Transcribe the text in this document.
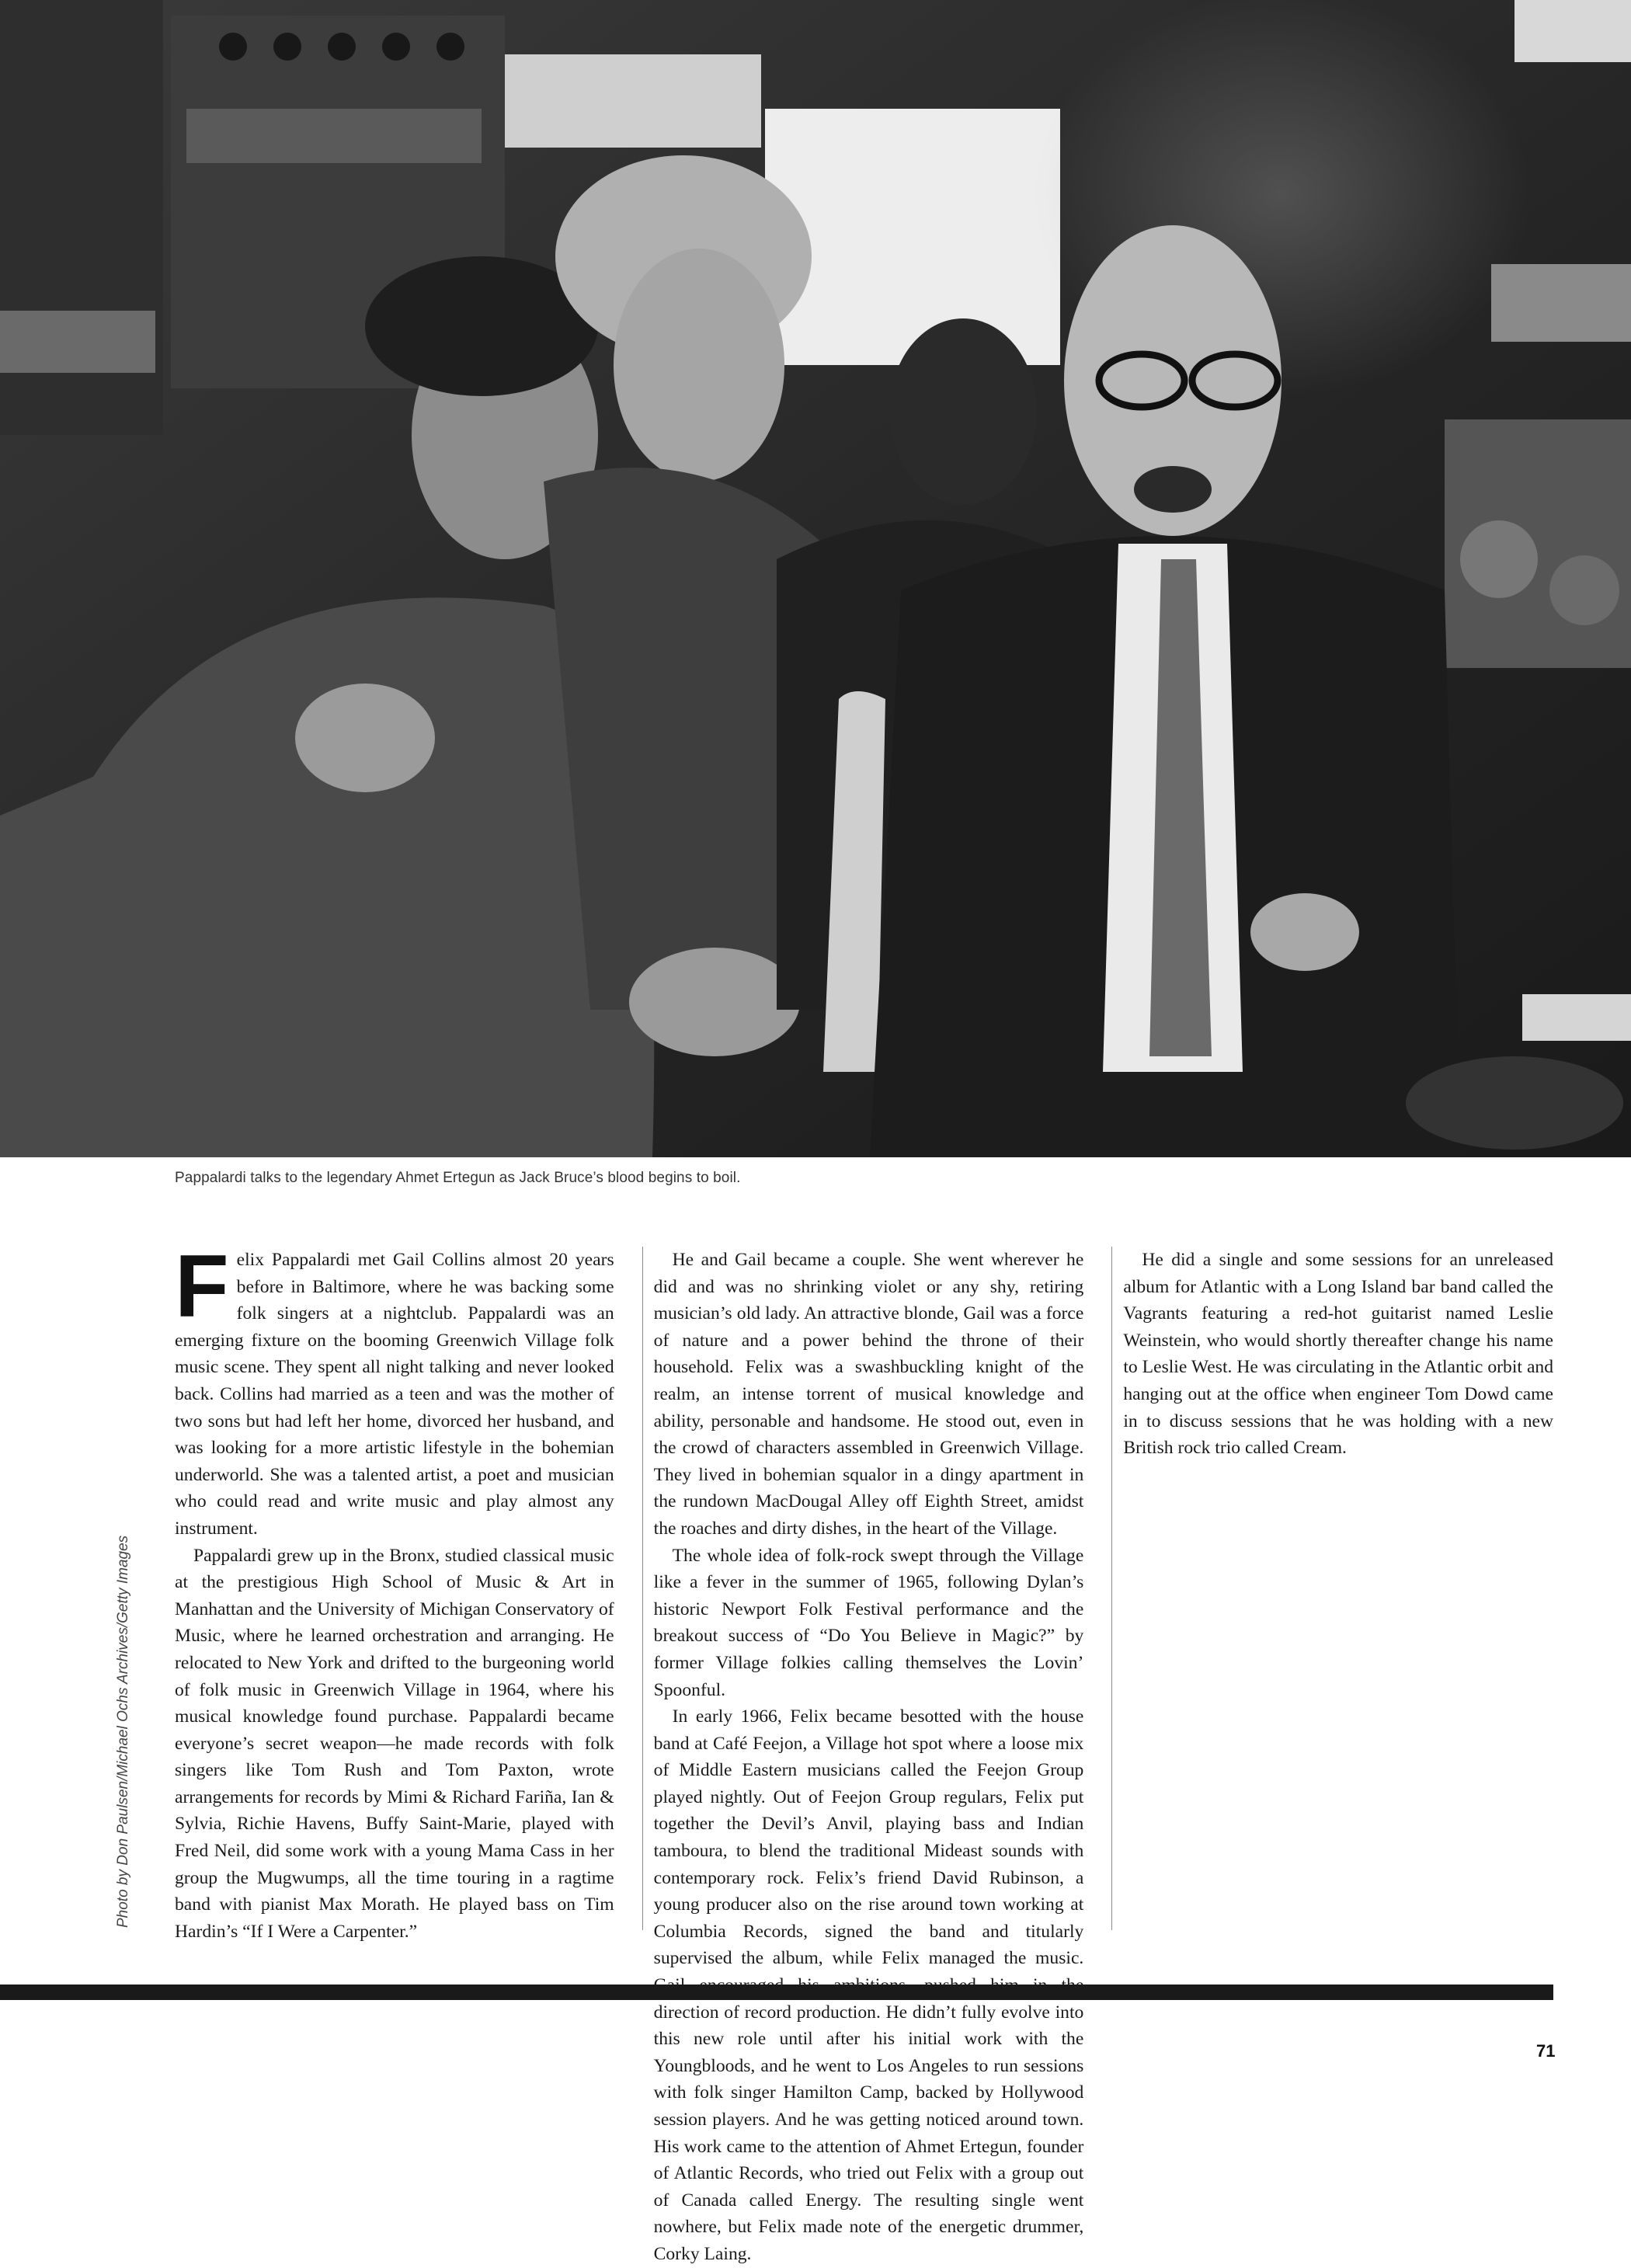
Pappalardi talks to the legendary Ahmet Ertegun as Jack Bruce’s blood begins to boil.
Photo by Don Paulsen/Michael Ochs Archives/Getty Images

Felix Pappalardi met Gail Collins almost 20 years before in Baltimore, where he was backing some folk singers at a nightclub. Pappalardi was an emerging fixture on the booming Greenwich Village folk music scene. They spent all night talking and never looked back. Collins had married as a teen and was the mother of two sons but had left her home, divorced her husband, and was looking for a more artistic lifestyle in the bohemian underworld. She was a talented artist, a poet and musician who could read and write music and play almost any instrument.

Pappalardi grew up in the Bronx, studied classical music at the prestigious High School of Music & Art in Manhattan and the University of Michigan Conservatory of Music, where he learned orchestration and arranging. He relocated to New York and drifted to the burgeoning world of folk music in Greenwich Village in 1964, where his musical knowledge found purchase. Pappalardi became everyone’s secret weapon—he made records with folk singers like Tom Rush and Tom Paxton, wrote arrangements for records by Mimi & Richard Fariña, Ian & Sylvia, Richie Havens, Buffy Saint-Marie, played with Fred Neil, did some work with a young Mama Cass in her group the Mugwumps, all the time touring in a ragtime band with pianist Max Morath. He played bass on Tim Hardin’s “If I Were a Carpenter.”

He and Gail became a couple. She went wherever he did and was no shrinking violet or any shy, retiring musician’s old lady. An attractive blonde, Gail was a force of nature and a power behind the throne of their household. Felix was a swashbuckling knight of the realm, an intense torrent of musical knowledge and ability, personable and handsome. He stood out, even in the crowd of characters assembled in Greenwich Village. They lived in bohemian squalor in a dingy apartment in the rundown MacDougal Alley off Eighth Street, amidst the roaches and dirty dishes, in the heart of the Village.

The whole idea of folk-rock swept through the Village like a fever in the summer of 1965, following Dylan’s historic Newport Folk Festival performance and the breakout success of “Do You Believe in Magic?” by former Village folkies calling themselves the Lovin’ Spoonful.

In early 1966, Felix became besotted with the house band at Café Feejon, a Village hot spot where a loose mix of Middle Eastern musicians called the Feejon Group played nightly. Out of Feejon Group regulars, Felix put together the Devil’s Anvil, playing bass and Indian tamboura, to blend the traditional Mideast sounds with contemporary rock. Felix’s friend David Rubinson, a young producer also on the rise around town working at Columbia Records, signed the band and titularly supervised the album, while Felix managed the music. direction of record production. He didn’t fully evolve into this new role until after his initial work with the Youngbloods, and he went to Los Angeles to run sessions with folk singer Hamilton Camp, backed by Hollywood session players. And he was getting noticed around town. His work came to the attention of Ahmet Ertegun, founder of Atlantic Records, who tried out Felix with a group out of Canada called Energy. The resulting single went nowhere, but Felix made note of the energetic drummer, Corky Laing.

He did a single and some sessions for an unreleased album for Atlantic with a Long Island bar band called the Vagrants featuring a red-hot guitarist named Leslie Weinstein, who would shortly thereafter change his name to Leslie West. He was circulating in the Atlantic orbit and hanging out at the office when engineer Tom Dowd came in to discuss sessions that he was holding with a new British rock trio called Cream.

71
